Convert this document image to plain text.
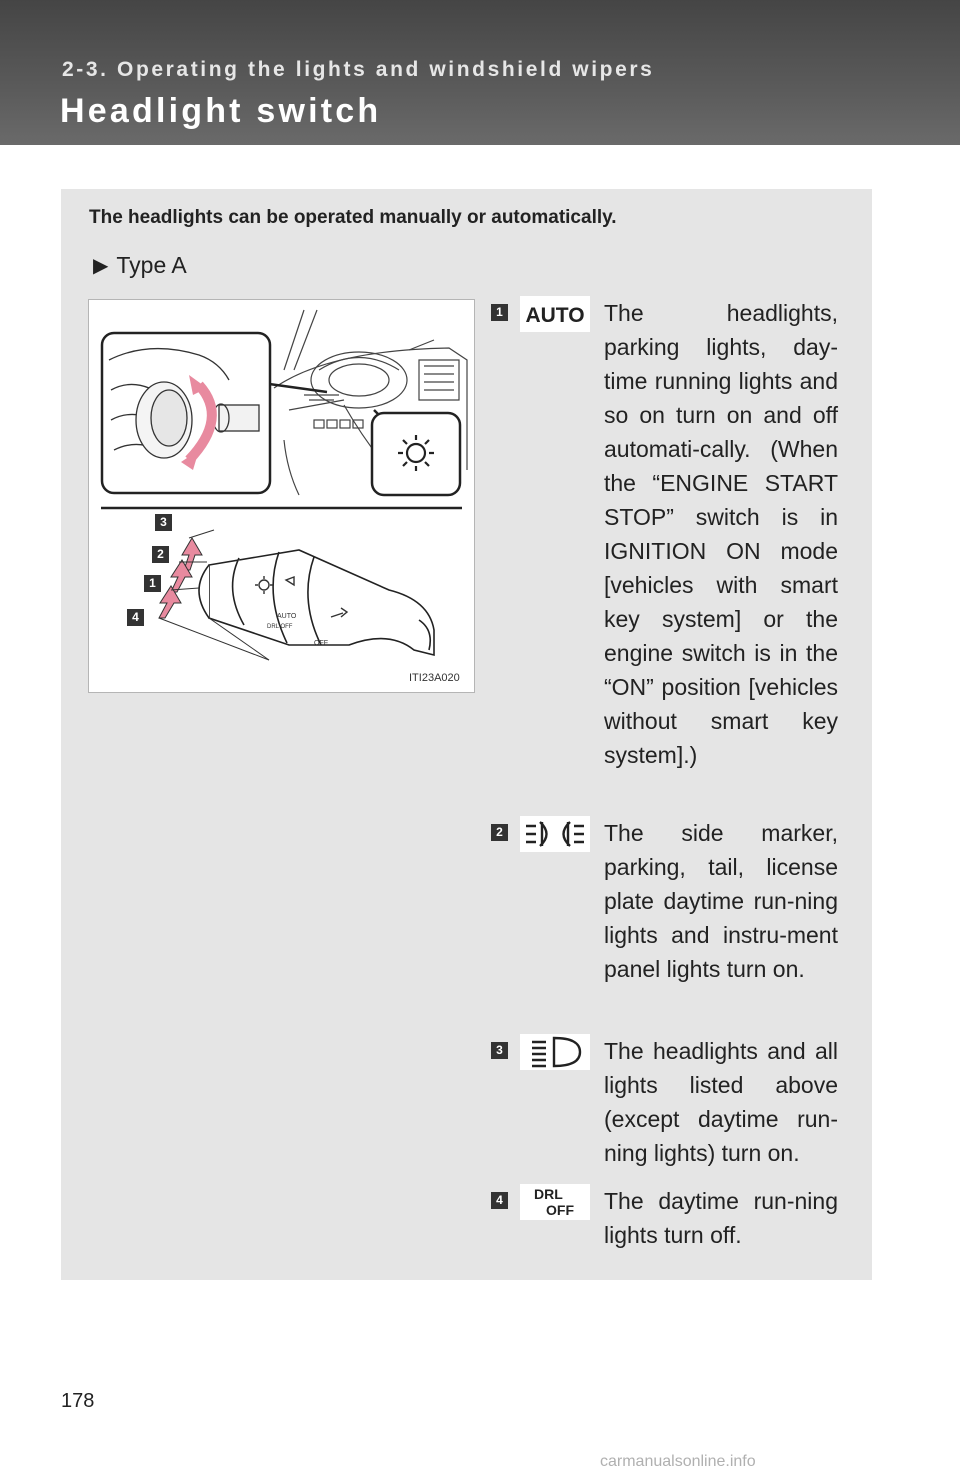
2-3. Operating the lights and windshield wipers

Headlight switch

The headlights can be operated manually or automatically.

▶ Type A
AUTO
DRL OFF
OFF
3
2
1
4
ITI23A020
1 AUTO The headlights, parking lights, day-time running lights and so on turn on and off automati-cally. (When the “ENGINE START STOP” switch is in IGNITION ON mode [vehicles with smart key system] or the engine switch is in the “ON” position [vehicles without smart key system].)

2	The side marker, parking, tail, license plate daytime run-ning lights and instru-ment panel lights turn on.

3	The headlights and all lights listed above (except daytime run-ning lights) turn on.

4	DRL
OFF The daytime run-ning lights turn off.

178
carmanualsonline.info
